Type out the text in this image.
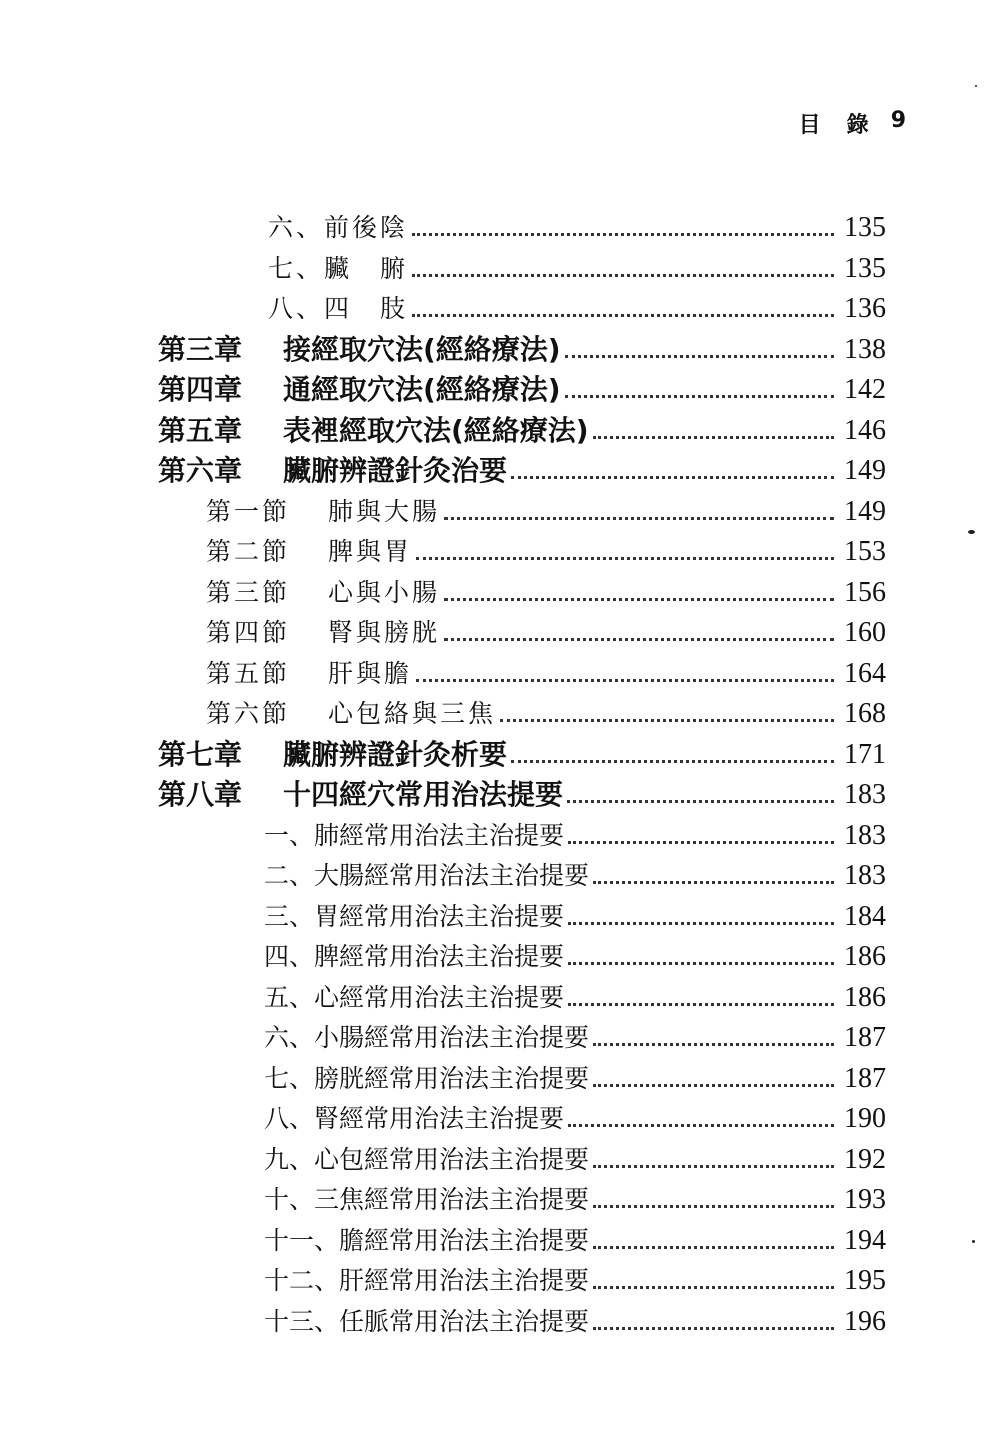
目　錄 9
六、前後陰	135
七、臟　腑	135
八、四　肢	136
第三章	接經取穴法(經絡療法)	138
第四章	通經取穴法(經絡療法)	142
第五章	表裡經取穴法(經絡療法)	146
第六章	臟腑辨證針灸治要	149
第一節	肺與大腸	149
第二節	脾與胃	153
第三節	心與小腸	156
第四節	腎與膀胱	160
第五節	肝與膽	164
第六節	心包絡與三焦	168
第七章	臟腑辨證針灸析要	171
第八章	十四經穴常用治法提要	183
一、肺經常用治法主治提要	183
二、大腸經常用治法主治提要	183
三、胃經常用治法主治提要	184
四、脾經常用治法主治提要	186
五、心經常用治法主治提要	186
六、小腸經常用治法主治提要	187
七、膀胱經常用治法主治提要	187
八、腎經常用治法主治提要	190
九、心包經常用治法主治提要	192
十、三焦經常用治法主治提要	193
十一、膽經常用治法主治提要	194
十二、肝經常用治法主治提要	195
十三、任脈常用治法主治提要	196
